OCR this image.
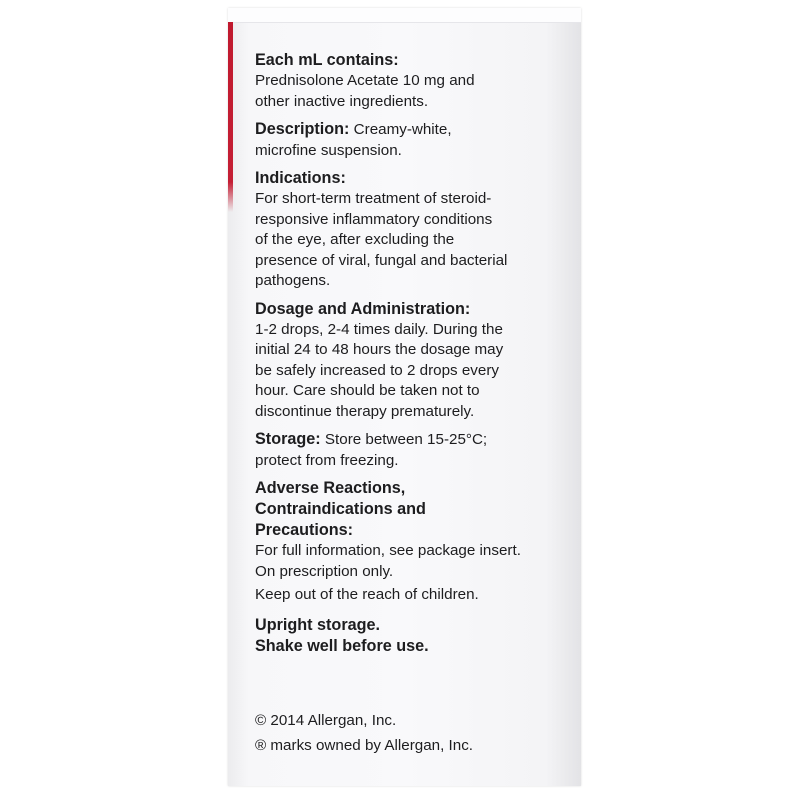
Each mL contains:
Prednisolone Acetate 10 mg and
other inactive ingredients.
Description: Creamy-white,
microfine suspension.
Indications:
For short-term treatment of steroid-
responsive inflammatory conditions
of the eye, after excluding the
presence of viral, fungal and bacterial
pathogens.
Dosage and Administration:
1-2 drops, 2-4 times daily. During the
initial 24 to 48 hours the dosage may
be safely increased to 2 drops every
hour. Care should be taken not to
discontinue therapy prematurely.
Storage: Store between 15-25°C;
protect from freezing.
Adverse Reactions,
Contraindications and
Precautions:
For full information, see package insert.
On prescription only.
Keep out of the reach of children.
Upright storage.
Shake well before use.
© 2014 Allergan, Inc.
® marks owned by Allergan, Inc.
